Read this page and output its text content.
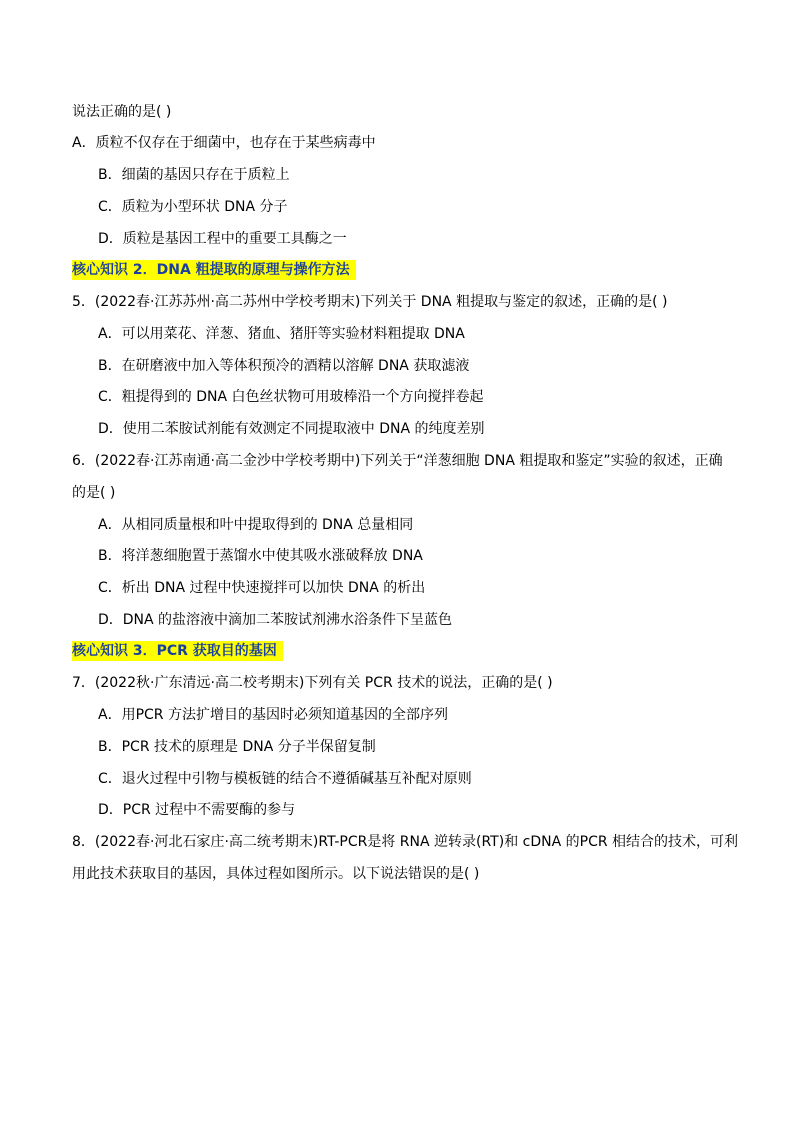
说法正确的是( )
A．质粒不仅存在于细菌中，也存在于某些病毒中
B．细菌的基因只存在于质粒上
C．质粒为小型环状 DNA 分子
D．质粒是基因工程中的重要工具酶之一
核心知识 2．DNA 粗提取的原理与操作方法
5．(2022春·江苏苏州·高二苏州中学校考期末)下列关于 DNA 粗提取与鉴定的叙述，正确的是( )
A．可以用菜花、洋葱、猪血、猪肝等实验材料粗提取 DNA
B．在研磨液中加入等体积预冷的酒精以溶解 DNA 获取滤液
C．粗提得到的 DNA 白色丝状物可用玻棒沿一个方向搅拌卷起
D．使用二苯胺试剂能有效测定不同提取液中 DNA 的纯度差别
6．(2022春·江苏南通·高二金沙中学校考期中)下列关于“洋葱细胞 DNA 粗提取和鉴定”实验的叙述，正确
的是( )
A．从相同质量根和叶中提取得到的 DNA 总量相同
B．将洋葱细胞置于蒸馏水中使其吸水涨破释放 DNA
C．析出 DNA 过程中快速搅拌可以加快 DNA 的析出
D．DNA 的盐溶液中滴加二苯胺试剂沸水浴条件下呈蓝色
核心知识 3．PCR 获取目的基因
7．(2022秋·广东清远·高二校考期末)下列有关 PCR 技术的说法，正确的是( )
A．用PCR 方法扩增目的基因时必须知道基因的全部序列
B．PCR 技术的原理是 DNA 分子半保留复制
C．退火过程中引物与模板链的结合不遵循碱基互补配对原则
D．PCR 过程中不需要酶的参与
8．(2022春·河北石家庄·高二统考期末)RT-PCR是将 RNA 逆转录(RT)和 cDNA 的PCR 相结合的技术，可利
用此技术获取目的基因，具体过程如图所示。以下说法错误的是( )
